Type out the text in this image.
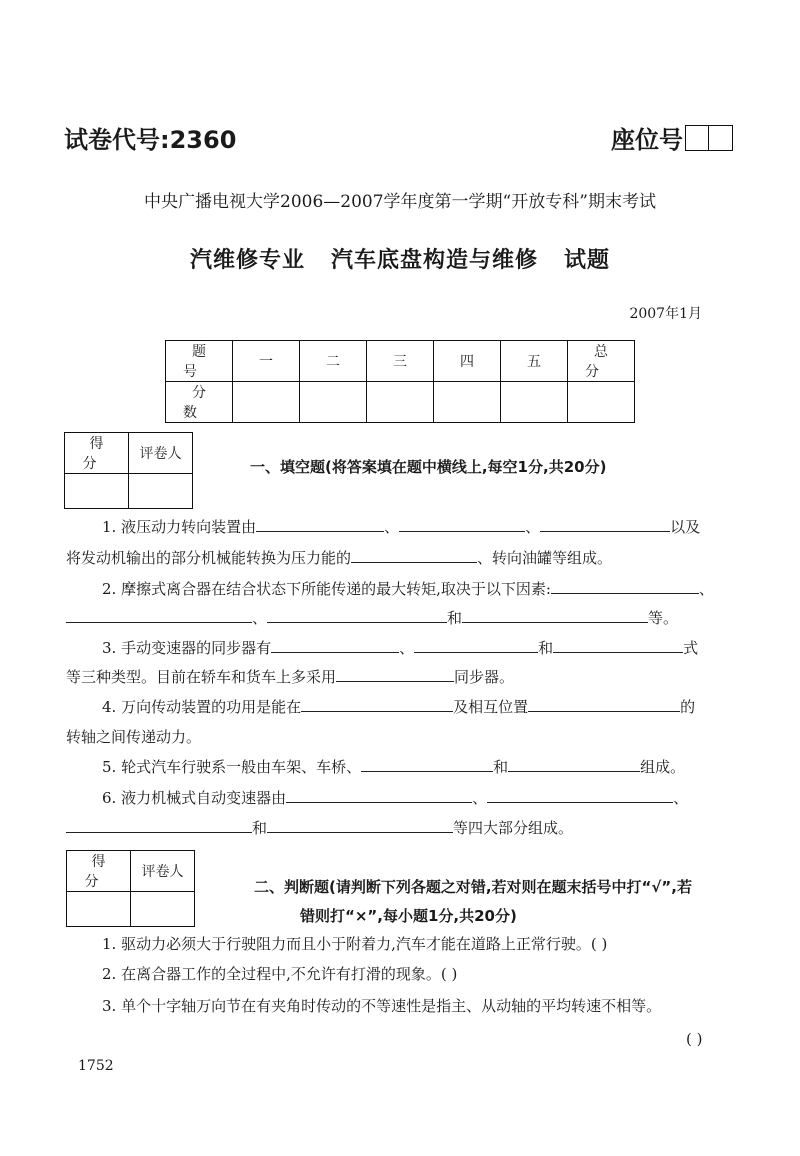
试卷代号:2360	座位号
中央广播电视大学2006—2007学年度第一学期“开放专科”期末考试
汽维修专业 汽车底盘构造与维修 试题
2007年1月
题号	一	二	三	四	五	总分
分数						
得分	评卷人

一、填空题(将答案填在题中横线上,每空1分,共20分)
1. 液压动力转向装置由	、	、	以及
将发动机输出的部分机械能转换为压力能的	、转向油罐等组成。
2. 摩擦式离合器在结合状态下所能传递的最大转矩,取决于以下因素:	、
、	和	等。
3. 手动变速器的同步器有	、	和	式
等三种类型。目前在轿车和货车上多采用	同步器。
4. 万向传动装置的功用是能在	及相互位置	的
转轴之间传递动力。
5. 轮式汽车行驶系一般由车架、车桥、	和	组成。
6. 液力机械式自动变速器由	、	、
和	等四大部分组成。
得分	评卷人

二、判断题(请判断下列各题之对错,若对则在题末括号中打“√”,若
错则打“×”,每小题1分,共20分)
1. 驱动力必须大于行驶阻力而且小于附着力,汽车才能在道路上正常行驶。( )
2. 在离合器工作的全过程中,不允许有打滑的现象。( )
3. 单个十字轴万向节在有夹角时传动的不等速性是指主、从动轴的平均转速不相等。
( )
1752
